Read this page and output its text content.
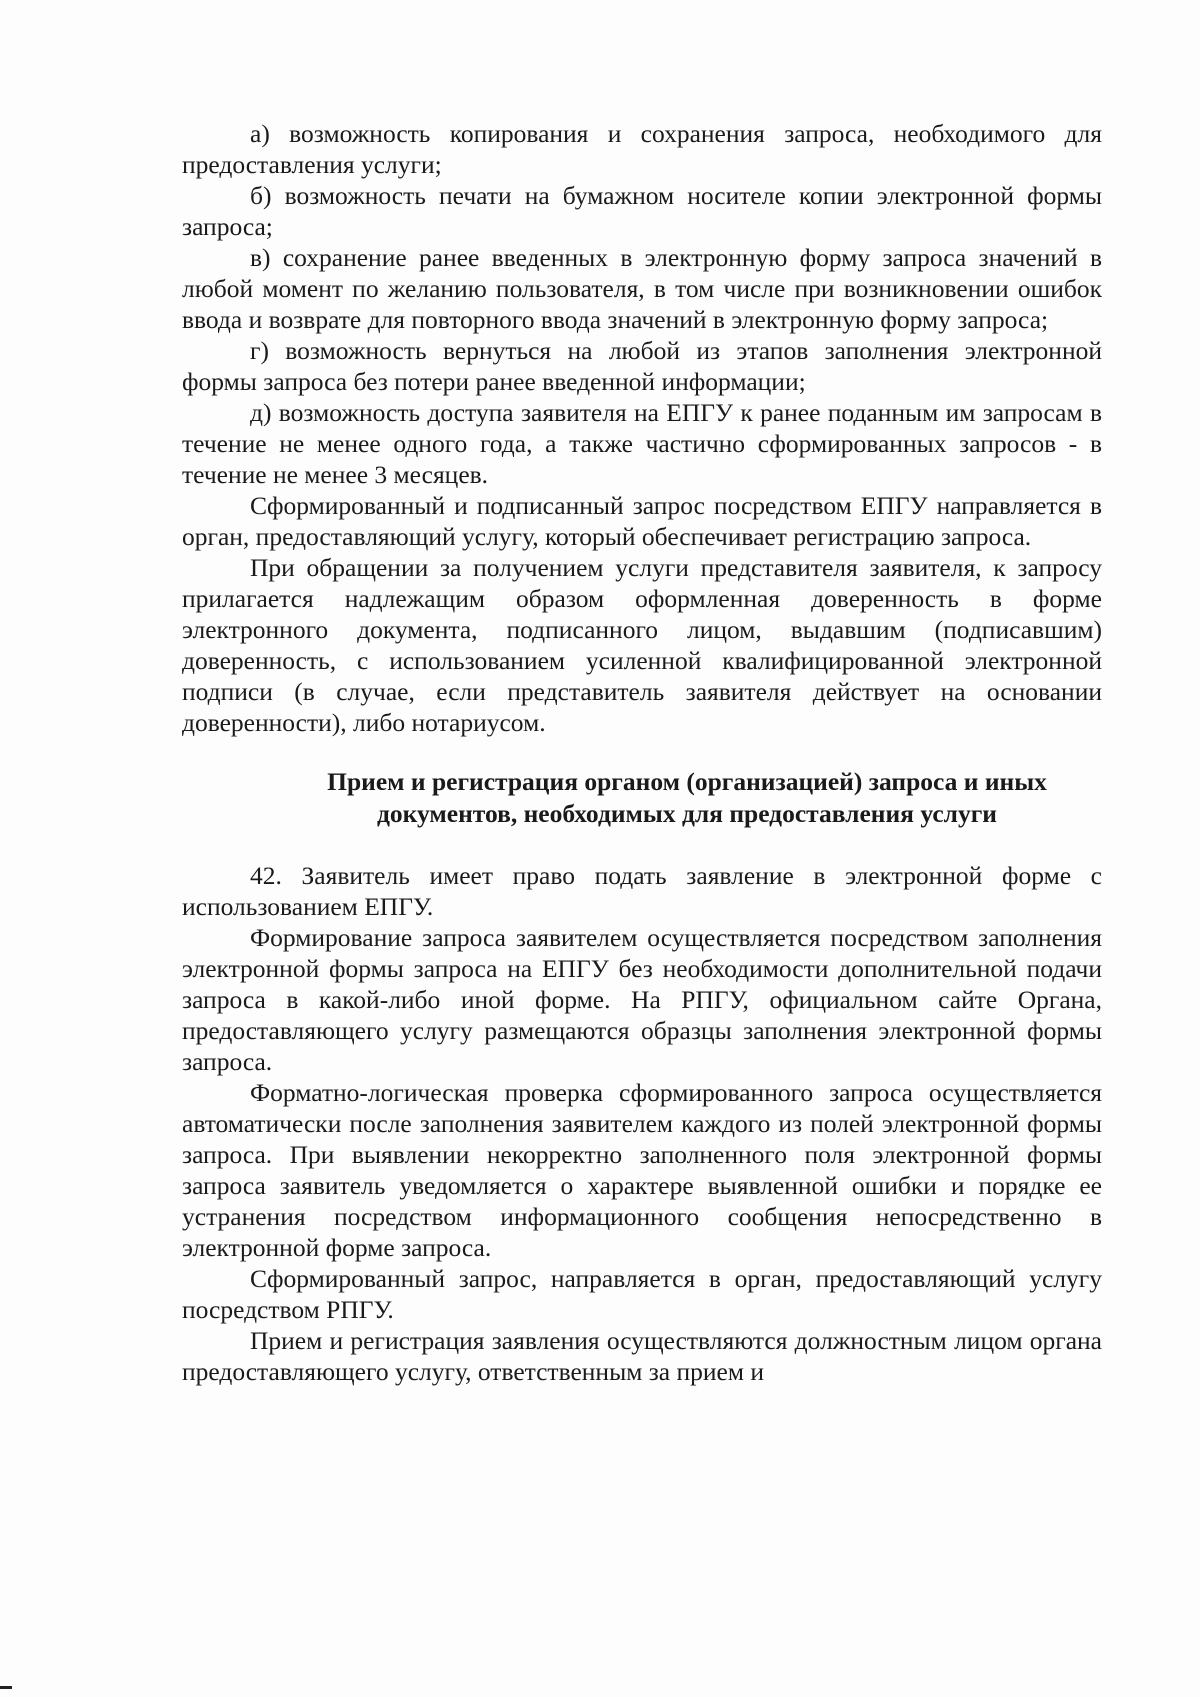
а) возможность копирования и сохранения запроса, необходимого для предоставления услуги;

б) возможность печати на бумажном носителе копии электронной формы запроса;

в) сохранение ранее введенных в электронную форму запроса значений в любой момент по желанию пользователя, в том числе при возникновении ошибок ввода и возврате для повторного ввода значений в электронную форму запроса;

г) возможность вернуться на любой из этапов заполнения электронной формы запроса без потери ранее введенной информации;

д) возможность доступа заявителя на ЕПГУ к ранее поданным им запросам в течение не менее одного года, а также частично сформированных запросов - в течение не менее 3 месяцев.

Сформированный и подписанный запрос посредством ЕПГУ направляется в орган, предоставляющий услугу, который обеспечивает регистрацию запроса.

При обращении за получением услуги представителя заявителя, к запросу прилагается надлежащим образом оформленная доверенность в форме электронного документа, подписанного лицом, выдавшим (подписавшим) доверенность, с использованием усиленной квалифицированной электронной подписи (в случае, если представитель заявителя действует на основании доверенности), либо нотариусом.

Прием и регистрация органом (организацией) запроса и иных документов, необходимых для предоставления услуги

42. Заявитель имеет право подать заявление в электронной форме с использованием ЕПГУ.

Формирование запроса заявителем осуществляется посредством заполнения электронной формы запроса на ЕПГУ без необходимости дополнительной подачи запроса в какой-либо иной форме. На РПГУ, официальном сайте Органа, предоставляющего услугу размещаются образцы заполнения электронной формы запроса.

Форматно-логическая проверка сформированного запроса осуществляется автоматически после заполнения заявителем каждого из полей электронной формы запроса. При выявлении некорректно заполненного поля электронной формы запроса заявитель уведомляется о характере выявленной ошибки и порядке ее устранения посредством информационного сообщения непосредственно в электронной форме запроса.

Сформированный запрос, направляется в орган, предоставляющий услугу посредством РПГУ.

Прием и регистрация заявления осуществляются должностным лицом органа предоставляющего услугу, ответственным за прием и
